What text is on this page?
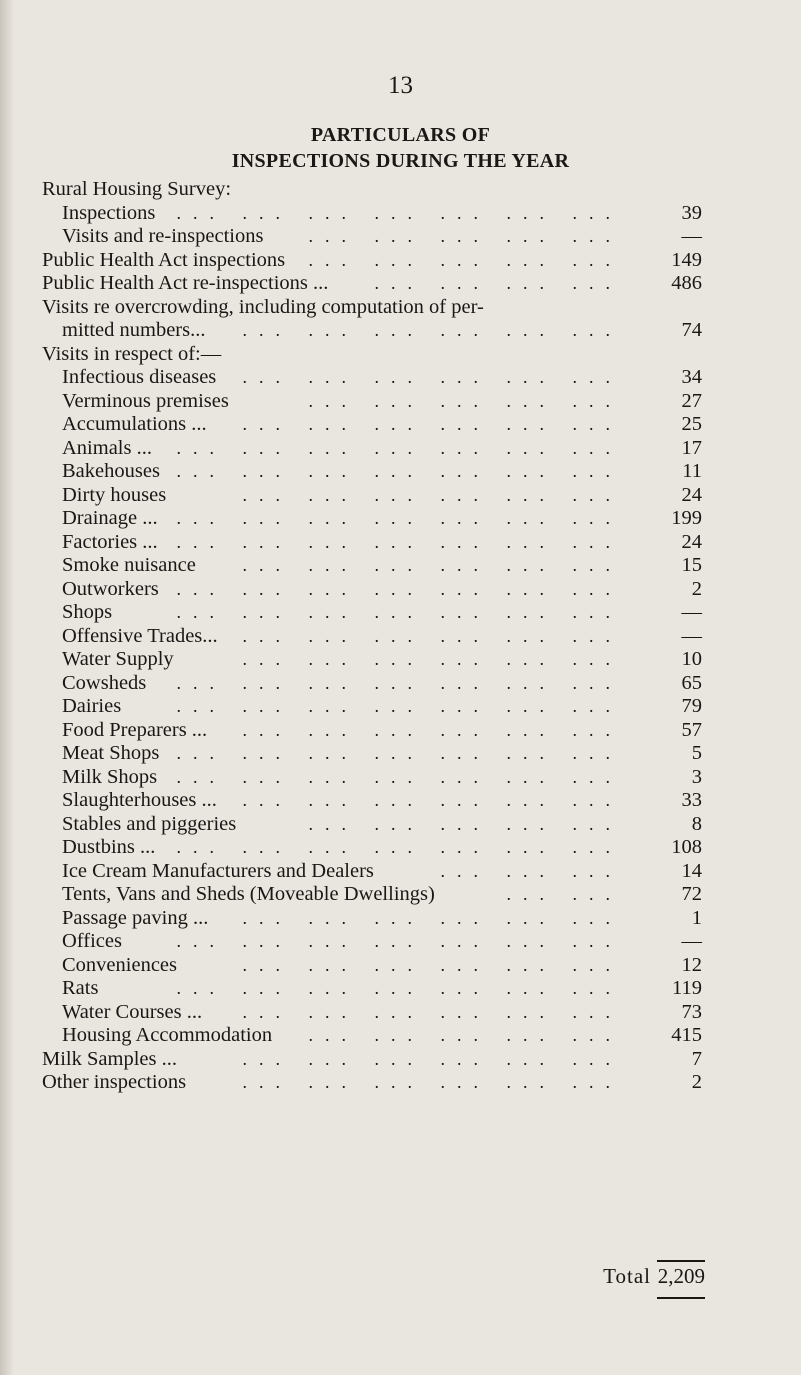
13
PARTICULARS OF
INSPECTIONS DURING THE YEAR
Rural Housing Survey:
Inspections ... ... ... ... ... ... ...	39
Visits and re-inspections	... ... ... ... ...	—
Public Health Act inspections ... ... ... ... ...	149
Public Health Act re-inspections ...	... ... ... ...	486
Visits re overcrowding, including computation of per-
mitted numbers... ... ... ... ... ... ...	74
Visits in respect of:—
Infectious diseases ... ... ... ... ... ...	34
Verminous premises	... ... ... ... ...	27
Accumulations ... ... ... ... ... ... ...	25
Animals ... ... ... ... ... ... ... ...	17
Bakehouses ... ... ... ... ... ... ...	11
Dirty houses	... ... ... ... ... ...	24
Drainage ... ... ... ... ... ... ... ...	199
Factories ... ... ... ... ... ... ... ...	24
Smoke nuisance	... ... ... ... ... ...	15
Outworkers ... ... ... ... ... ... ...	2
Shops	... ... ... ... ... ... ...	—
Offensive Trades... ... ... ... ... ... ...	—
Water Supply	... ... ... ... ... ...	10
Cowsheds ... ... ... ... ... ... ...	65
Dairies	... ... ... ... ... ... ...	79
Food Preparers ... ... ... ... ... ... ...	57
Meat Shops ... ... ... ... ... ... ...	5
Milk Shops ... ... ... ... ... ... ...	3
Slaughterhouses ... ... ... ... ... ... ...	33
Stables and piggeries	... ... ... ... ...	8
Dustbins ... ... ... ... ... ... ... ...	108
Ice Cream Manufacturers and Dealers	... ... ...	14
Tents, Vans and Sheds (Moveable Dwellings)	... ...	72
Passage paving ... ... ... ... ... ... ...	1
Offices	... ... ... ... ... ... ...	—
Conveniences	... ... ... ... ... ...	12
Rats	... ... ... ... ... ... ...	119
Water Courses ... ... ... ... ... ... ...	73
Housing Accommodation ... ... ... ... ...	415
Milk Samples ...	... ... ... ... ... ...	7
Other inspections	... ... ... ... ... ...	2
Total 2,209
